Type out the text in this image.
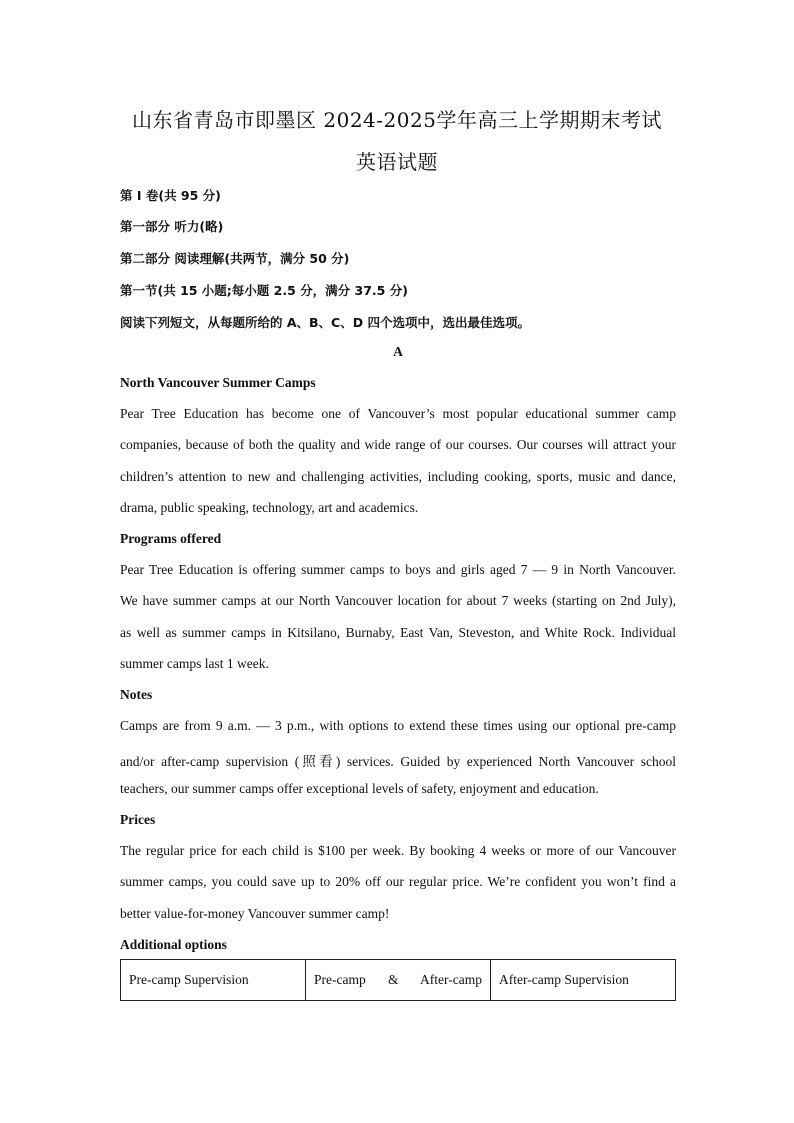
山东省青岛市即墨区 2024-2025学年高三上学期期末考试
英语试题
第 I 卷(共 95 分)
第一部分 听力(略)
第二部分 阅读理解(共两节，满分 50 分)
第一节(共 15 小题;每小题 2.5 分，满分 37.5 分)
阅读下列短文，从每题所给的 A、B、C、D 四个选项中，选出最佳选项。
A
North Vancouver Summer Camps
Pear Tree Education has become one of Vancouver’s most popular educational summer camp
companies, because of both the quality and wide range of our courses. Our courses will attract your
children’s attention to new and challenging activities, including cooking, sports, music and dance,
drama, public speaking, technology, art and academics.
Programs offered
Pear Tree Education is offering summer camps to boys and girls aged 7 — 9 in North Vancouver.
We have summer camps at our North Vancouver location for about 7 weeks (starting on 2nd July),
as well as summer camps in Kitsilano, Burnaby, East Van, Steveston, and White Rock. Individual
summer camps last 1 week.
Notes
Camps are from 9 a.m. — 3 p.m., with options to extend these times using our optional pre-camp
and/or after-camp supervision (照看) services. Guided by experienced North Vancouver school
teachers, our summer camps offer exceptional levels of safety, enjoyment and education.
Prices
The regular price for each child is $100 per week. By booking 4 weeks or more of our Vancouver
summer camps, you could save up to 20% off our regular price. We’re confident you won’t find a
better value-for-money Vancouver summer camp!
Additional options
Pre-camp Supervision	Pre-camp & After-camp	After-camp Supervision
